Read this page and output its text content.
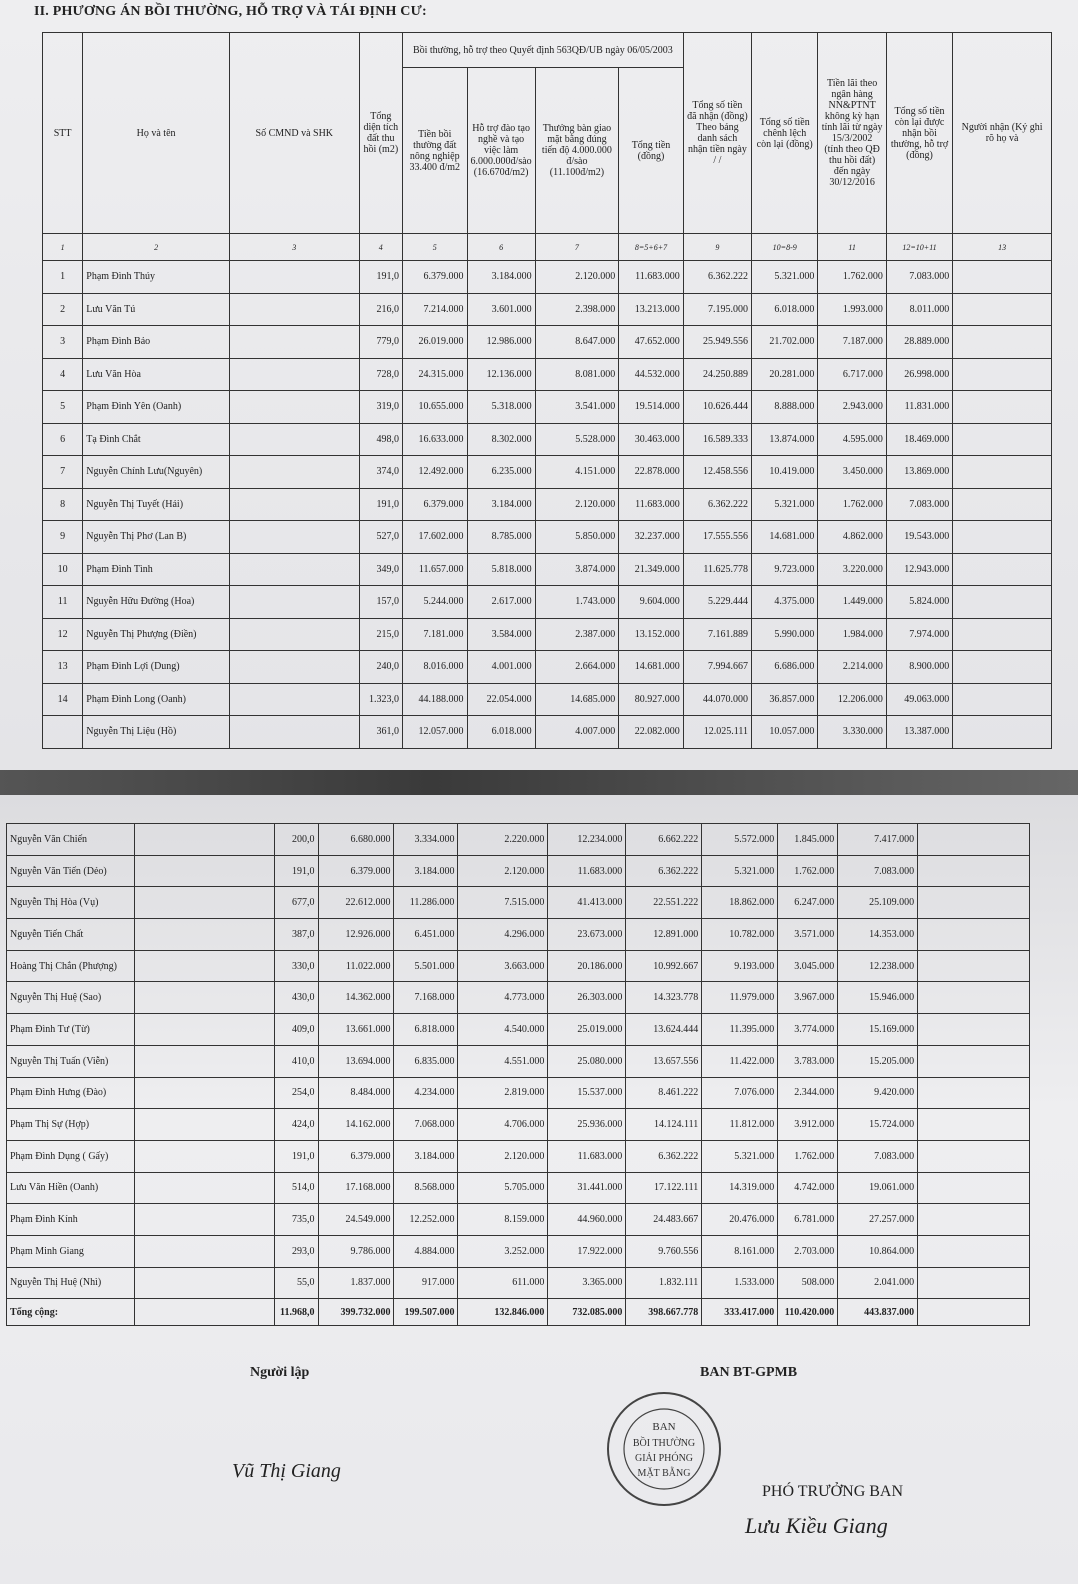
II. PHƯƠNG ÁN BỒI THƯỜNG, HỖ TRỢ VÀ TÁI ĐỊNH CƯ:
STT	Họ và tên	Số CMND và SHK	Tổng diện tích đất thu hồi (m2)	Bồi thường, hỗ trợ theo Quyết định 563QĐ/UB ngày 06/05/2003				Tổng số tiền đã nhận (đồng) Theo bảng danh sách nhận tiền ngày / /	Tổng số tiền chênh lệch còn lại (đồng)	Tiền lãi theo ngân hàng NN&PTNT không kỳ hạn tính lãi từ ngày 15/3/2002 (tính theo QĐ thu hồi đất) đến ngày 30/12/2016	Tổng số tiền còn lại được nhận bồi thường, hỗ trợ (đồng)	Người nhận (Ký ghi rõ họ và
				Tiền bồi thường đất nông nghiệp 33.400 đ/m2	Hỗ trợ đào tạo nghề và tạo việc làm 6.000.000đ/sào (16.670đ/m2)	Thưởng bàn giao mặt bằng đúng tiến độ 4.000.000 đ/sào (11.100đ/m2)	Tổng tiền (đồng)					
1	2	3	4	5	6	7	8=5+6+7	9	10=8-9	11	12=10+11	13
1	Phạm Đình Thúy		191,0	6.379.000	3.184.000	2.120.000	11.683.000	6.362.222	5.321.000	1.762.000	7.083.000	
2	Lưu Văn Tú		216,0	7.214.000	3.601.000	2.398.000	13.213.000	7.195.000	6.018.000	1.993.000	8.011.000	
3	Phạm Đình Bảo		779,0	26.019.000	12.986.000	8.647.000	47.652.000	25.949.556	21.702.000	7.187.000	28.889.000	
4	Lưu Văn Hòa		728,0	24.315.000	12.136.000	8.081.000	44.532.000	24.250.889	20.281.000	6.717.000	26.998.000	
5	Phạm Đình Yên (Oanh)		319,0	10.655.000	5.318.000	3.541.000	19.514.000	10.626.444	8.888.000	2.943.000	11.831.000	
6	Tạ Đình Chắt		498,0	16.633.000	8.302.000	5.528.000	30.463.000	16.589.333	13.874.000	4.595.000	18.469.000	
7	Nguyễn Chính Lưu(Nguyên)		374,0	12.492.000	6.235.000	4.151.000	22.878.000	12.458.556	10.419.000	3.450.000	13.869.000	
8	Nguyễn Thị Tuyết (Hải)		191,0	6.379.000	3.184.000	2.120.000	11.683.000	6.362.222	5.321.000	1.762.000	7.083.000	
9	Nguyễn Thị Phơ (Lan B)		527,0	17.602.000	8.785.000	5.850.000	32.237.000	17.555.556	14.681.000	4.862.000	19.543.000	
10	Phạm Đình Tình		349,0	11.657.000	5.818.000	3.874.000	21.349.000	11.625.778	9.723.000	3.220.000	12.943.000	
11	Nguyễn Hữu Đường (Hoa)		157,0	5.244.000	2.617.000	1.743.000	9.604.000	5.229.444	4.375.000	1.449.000	5.824.000	
12	Nguyễn Thị Phượng (Điền)		215,0	7.181.000	3.584.000	2.387.000	13.152.000	7.161.889	5.990.000	1.984.000	7.974.000	
13	Phạm Đình Lợi (Dung)		240,0	8.016.000	4.001.000	2.664.000	14.681.000	7.994.667	6.686.000	2.214.000	8.900.000	
14	Phạm Đình Long (Oanh)		1.323,0	44.188.000	22.054.000	14.685.000	80.927.000	44.070.000	36.857.000	12.206.000	49.063.000	
	Nguyễn Thị Liệu (Hồ)		361,0	12.057.000	6.018.000	4.007.000	22.082.000	12.025.111	10.057.000	3.330.000	13.387.000	
Nguyễn Văn Chiến		200,0	6.680.000	3.334.000	2.220.000	12.234.000	6.662.222	5.572.000	1.845.000	7.417.000	
Nguyễn Văn Tiến (Dẻo)		191,0	6.379.000	3.184.000	2.120.000	11.683.000	6.362.222	5.321.000	1.762.000	7.083.000	
Nguyễn Thị Hòa (Vụ)		677,0	22.612.000	11.286.000	7.515.000	41.413.000	22.551.222	18.862.000	6.247.000	25.109.000	
Nguyễn Tiến Chất		387,0	12.926.000	6.451.000	4.296.000	23.673.000	12.891.000	10.782.000	3.571.000	14.353.000	
Hoàng Thị Chắn (Phượng)		330,0	11.022.000	5.501.000	3.663.000	20.186.000	10.992.667	9.193.000	3.045.000	12.238.000	
Nguyễn Thị Huệ (Sao)		430,0	14.362.000	7.168.000	4.773.000	26.303.000	14.323.778	11.979.000	3.967.000	15.946.000	
Phạm Đình Tư (Từ)		409,0	13.661.000	6.818.000	4.540.000	25.019.000	13.624.444	11.395.000	3.774.000	15.169.000	
Nguyễn Thị Tuấn (Viễn)		410,0	13.694.000	6.835.000	4.551.000	25.080.000	13.657.556	11.422.000	3.783.000	15.205.000	
Phạm Đình Hưng (Đào)		254,0	8.484.000	4.234.000	2.819.000	15.537.000	8.461.222	7.076.000	2.344.000	9.420.000	
Phạm Thị Sự (Hợp)		424,0	14.162.000	7.068.000	4.706.000	25.936.000	14.124.111	11.812.000	3.912.000	15.724.000	
Phạm Đình Dụng ( Gấy)		191,0	6.379.000	3.184.000	2.120.000	11.683.000	6.362.222	5.321.000	1.762.000	7.083.000	
Lưu Văn Hiền (Oanh)		514,0	17.168.000	8.568.000	5.705.000	31.441.000	17.122.111	14.319.000	4.742.000	19.061.000	
Phạm Đình Kính		735,0	24.549.000	12.252.000	8.159.000	44.960.000	24.483.667	20.476.000	6.781.000	27.257.000	
Phạm Minh Giang		293,0	9.786.000	4.884.000	3.252.000	17.922.000	9.760.556	8.161.000	2.703.000	10.864.000	
Nguyễn Thị Huệ (Nhì)		55,0	1.837.000	917.000	611.000	3.365.000	1.832.111	1.533.000	508.000	2.041.000	
Tổng cộng:		11.968,0	399.732.000	199.507.000	132.846.000	732.085.000	398.667.778	333.417.000	110.420.000	443.837.000	
Người lập
Vũ Thị Giang
BAN BT-GPMB
BAN
BỒI THƯỜNG
GIẢI PHÓNG
MẶT BẰNG
PHÓ TRƯỞNG BAN
Lưu Kiều Giang
